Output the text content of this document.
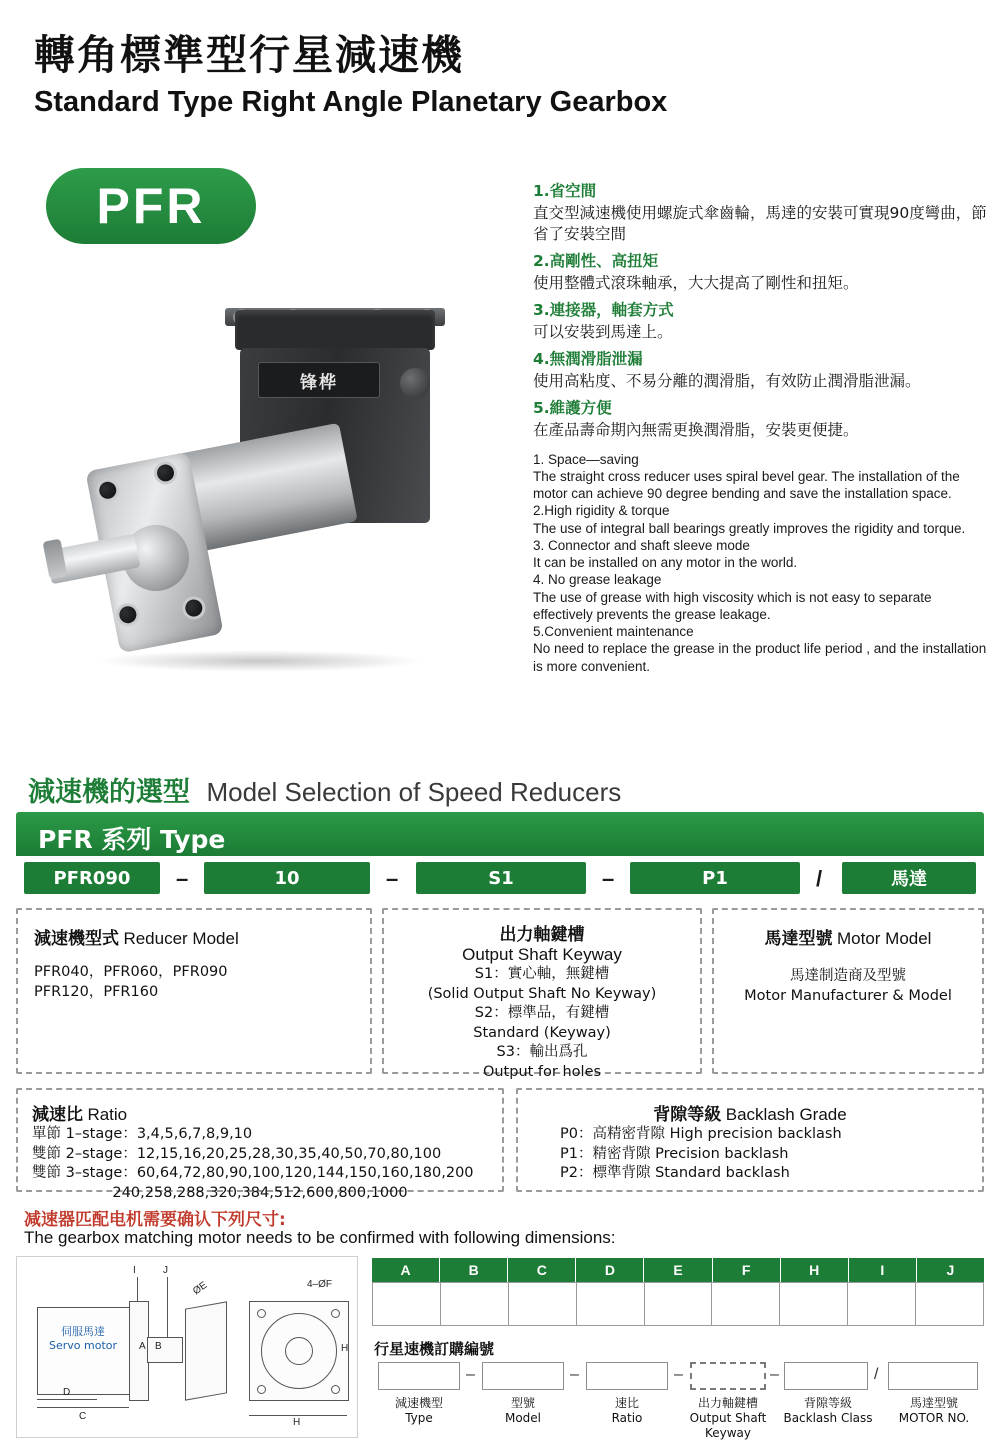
轉角標準型行星減速機
Standard Type Right Angle Planetary Gearbox
PFR
锋桦
1.省空間
直交型減速機使用螺旋式傘齒輪，馬達的安裝可實現90度彎曲，節省了安裝空間
2.高剛性、高扭矩
使用整體式滾珠軸承，大大提高了剛性和扭矩。
3.連接器，軸套方式
可以安裝到馬達上。
4.無潤滑脂泄漏
使用高粘度、不易分離的潤滑脂，有效防止潤滑脂泄漏。
5.維護方便
在產品壽命期內無需更換潤滑脂，安裝更便捷。
1. Space—saving
The straight cross reducer uses spiral bevel gear. The installation of the motor can achieve 90 degree bending and save the installation space.
2.High rigidity & torque
The use of integral ball bearings greatly improves the rigidity and torque.
3. Connector and shaft sleeve mode
It can be installed on any motor in the world.
4. No grease leakage
The use of grease with high viscosity which is not easy to separate effectively prevents the grease leakage.
5.Convenient maintenance
No need to replace the grease in the product life period , and the installation is more convenient.
減速機的選型 Model Selection of Speed Reducers
PFR 系列 Type
PFR090	–	10	–	S1	–	P1	/	馬達
減速機型式 Reducer Model
PFR040，PFR060，PFR090
PFR120，PFR160
出力軸鍵槽
Output Shaft Keyway
S1：實心軸，無鍵槽
(Solid Output Shaft No Keyway)
S2：標準品，有鍵槽
Standard (Keyway)
S3：輸出爲孔
Output for holes
馬達型號 Motor Model
馬達制造商及型號
Motor Manufacturer & Model
減速比 Ratio
單節 1–stage：3,4,5,6,7,8,9,10
雙節 2–stage：12,15,16,20,25,28,30,35,40,50,70,80,100
雙節 3–stage：60,64,72,80,90,100,120,144,150,160,180,200
240,258,288,320,384,512,600,800,1000
背隙等級 Backlash Grade
P0：高精密背隙 High precision backlash
P1：精密背隙 Precision backlash
P2：標準背隙 Standard backlash
减速器匹配电机需要确认下列尺寸:
The gearbox matching motor needs to be confirmed with following dimensions:
伺服馬達
Servo motor
I	J
A B
C
D
ØE	4–ØF
H
H
A	B	C	D	E	F	H	I	J
行星速機訂購編號
–	–	–	–	/
減速機型
Type
型號
Model
速比
Ratio
出力軸鍵槽
Output Shaft Keyway
背隙等級
Backlash Class
馬達型號
MOTOR NO.
